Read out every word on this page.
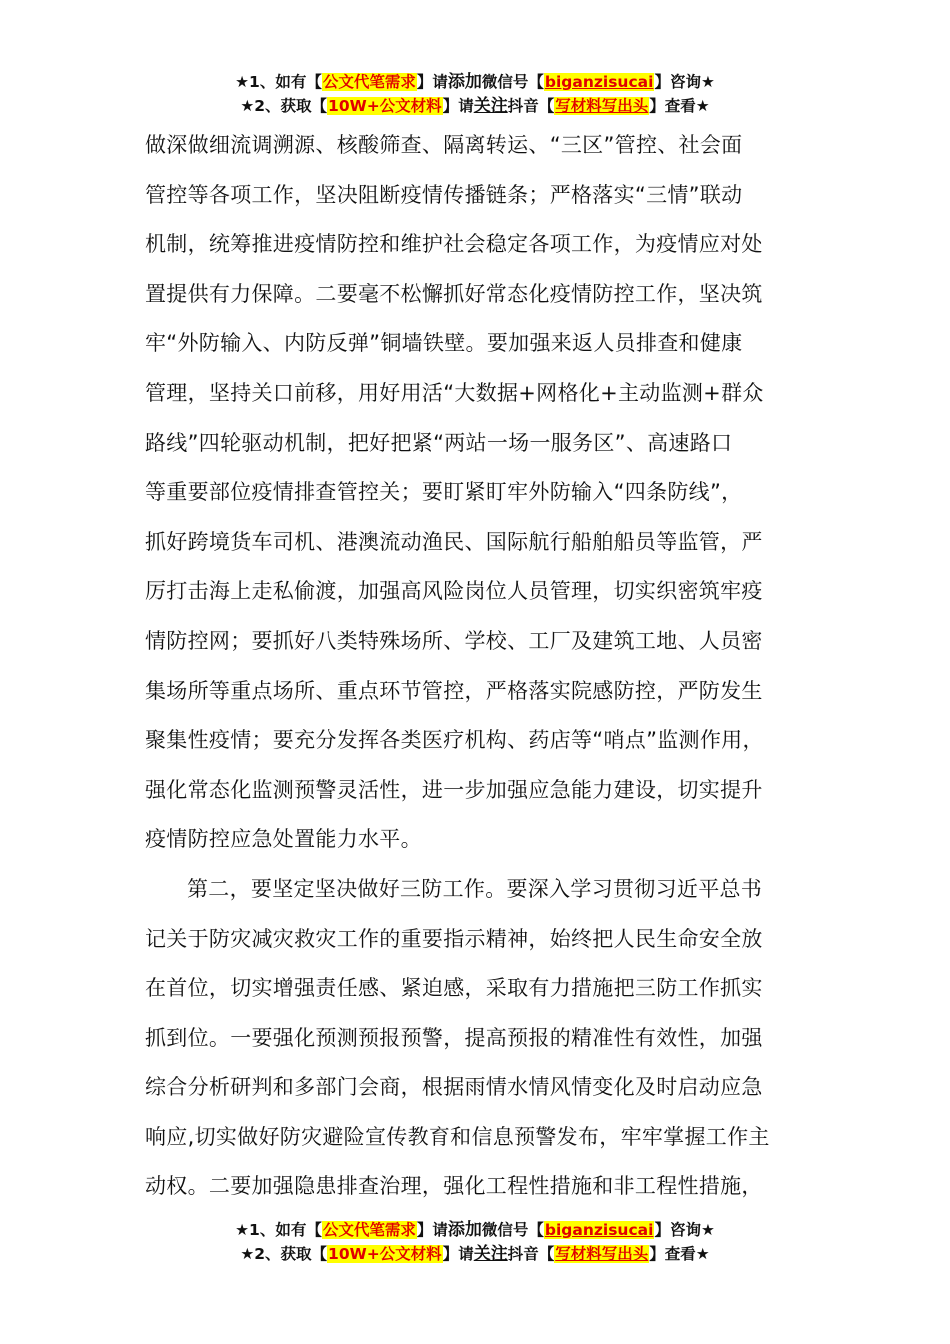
★1、如有【公文代笔需求】请添加微信号【biganzisucai】咨询★
★2、获取【10W+公文材料】请关注抖音【写材料写出头】查看★
做深做细流调溯源、核酸筛查、隔离转运、“三区”管控、社会面
管控等各项工作，坚决阻断疫情传播链条；严格落实“三情”联动
机制，统筹推进疫情防控和维护社会稳定各项工作，为疫情应对处
置提供有力保障。二要毫不松懈抓好常态化疫情防控工作，坚决筑
牢“外防输入、内防反弹”铜墙铁壁。要加强来返人员排查和健康
管理，坚持关口前移，用好用活“大数据+网格化+主动监测+群众
路线”四轮驱动机制，把好把紧“两站一场一服务区”、高速路口
等重要部位疫情排查管控关；要盯紧盯牢外防输入“四条防线”，
抓好跨境货车司机、港澳流动渔民、国际航行船舶船员等监管，严
厉打击海上走私偷渡，加强高风险岗位人员管理，切实织密筑牢疫
情防控网；要抓好八类特殊场所、学校、工厂及建筑工地、人员密
集场所等重点场所、重点环节管控，严格落实院感防控，严防发生
聚集性疫情；要充分发挥各类医疗机构、药店等“哨点”监测作用，
强化常态化监测预警灵活性，进一步加强应急能力建设，切实提升
疫情防控应急处置能力水平。
第二，要坚定坚决做好三防工作。要深入学习贯彻习近平总书
记关于防灾减灾救灾工作的重要指示精神，始终把人民生命安全放
在首位，切实增强责任感、紧迫感，采取有力措施把三防工作抓实
抓到位。一要强化预测预报预警，提高预报的精准性有效性，加强
综合分析研判和多部门会商，根据雨情水情风情变化及时启动应急
响应,切实做好防灾避险宣传教育和信息预警发布，牢牢掌握工作主
动权。二要加强隐患排查治理，强化工程性措施和非工程性措施，
★1、如有【公文代笔需求】请添加微信号【biganzisucai】咨询★
★2、获取【10W+公文材料】请关注抖音【写材料写出头】查看★
